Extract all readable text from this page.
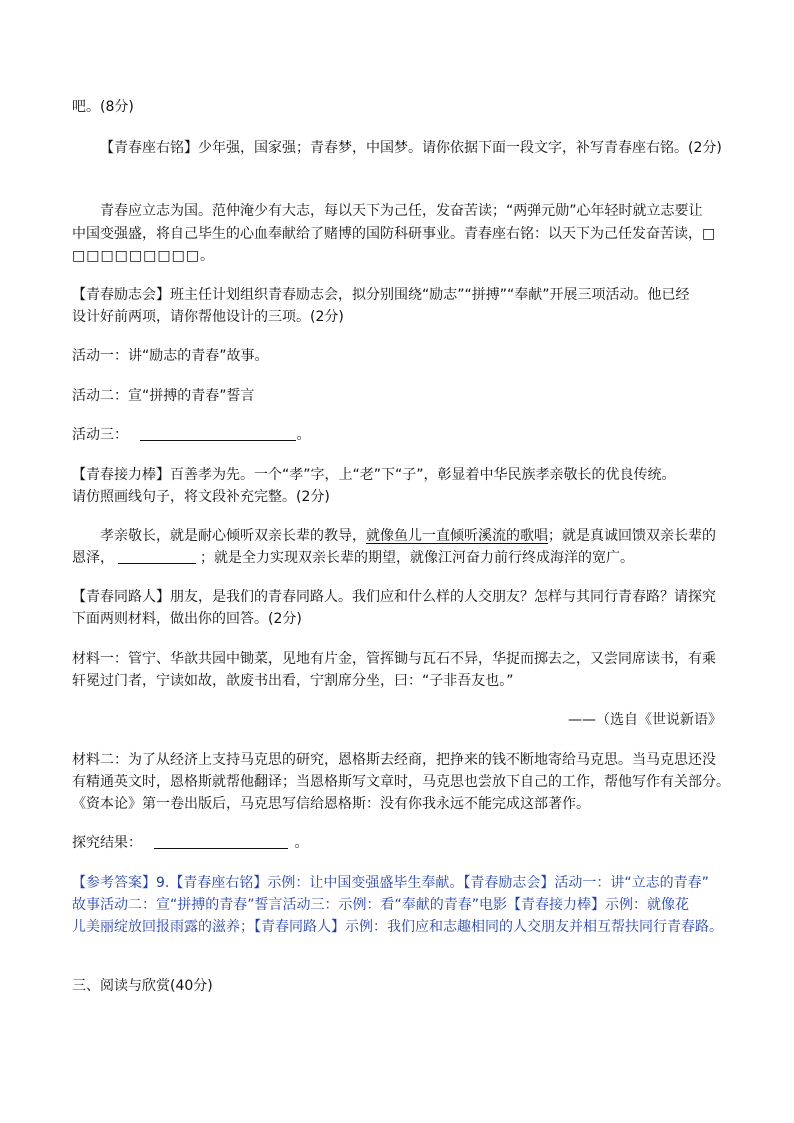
吧。(8分)
【青春座右铭】少年强，国家强；青春梦，中国梦。请你依据下面一段文字，补写青春座右铭。(2分)
青春应立志为国。范仲淹少有大志，每以天下为己任，发奋苦读；“两弹元勋”心年轻时就立志要让
中国变强盛，将自己毕生的心血奉献给了赌博的国防科研事业。青春座右铭：以天下为己任发奋苦读，□
□□□□□□□□□。
【青春励志会】班主任计划组织青春励志会，拟分别围绕“励志”“拼搏”“奉献”开展三项活动。他已经
设计好前两项，请你帮他设计的三项。(2分)
活动一：讲“励志的青春”故事。
活动二：宣“拼搏的青春”誓言
活动三：	。
【青春接力棒】百善孝为先。一个“孝”字，上“老”下“子”，彰显着中华民族孝亲敬长的优良传统。
请仿照画线句子，将文段补充完整。(2分)
孝亲敬长，就是耐心倾听双亲长辈的教导，就像鱼儿一直倾听溪流的歌唱；就是真诚回馈双亲长辈的
恩泽，	；就是全力实现双亲长辈的期望，就像江河奋力前行终成海洋的宽广。
【青春同路人】朋友，是我们的青春同路人。我们应和什么样的人交朋友？怎样与其同行青春路？请探究
下面两则材料，做出你的回答。(2分)
材料一：管宁、华歆共园中锄菜，见地有片金，管挥锄与瓦石不异，华捉而掷去之，又尝同席读书，有乘
轩冕过门者，宁读如故，歆废书出看，宁割席分坐，曰：“子非吾友也。”
——（选自《世说新语》
材料二：为了从经济上支持马克思的研究，恩格斯去经商，把挣来的钱不断地寄给马克思。当马克思还没
有精通英文时，恩格斯就帮他翻译；当恩格斯写文章时，马克思也尝放下自己的工作，帮他写作有关部分。
《资本论》第一卷出版后，马克思写信给恩格斯：没有你我永远不能完成这部著作。
探究结果：	。
【参考答案】9.【青春座右铭】示例：让中国变强盛毕生奉献。【青春励志会】活动一：讲“立志的青春”
故事活动二：宣“拼搏的青春”誓言活动三：示例：看“奉献的青春”电影【青春接力棒】示例：就像花
儿美丽绽放回报雨露的滋养；【青春同路人】示例：我们应和志趣相同的人交朋友并相互帮扶同行青春路。
三、阅读与欣赏(40分)
